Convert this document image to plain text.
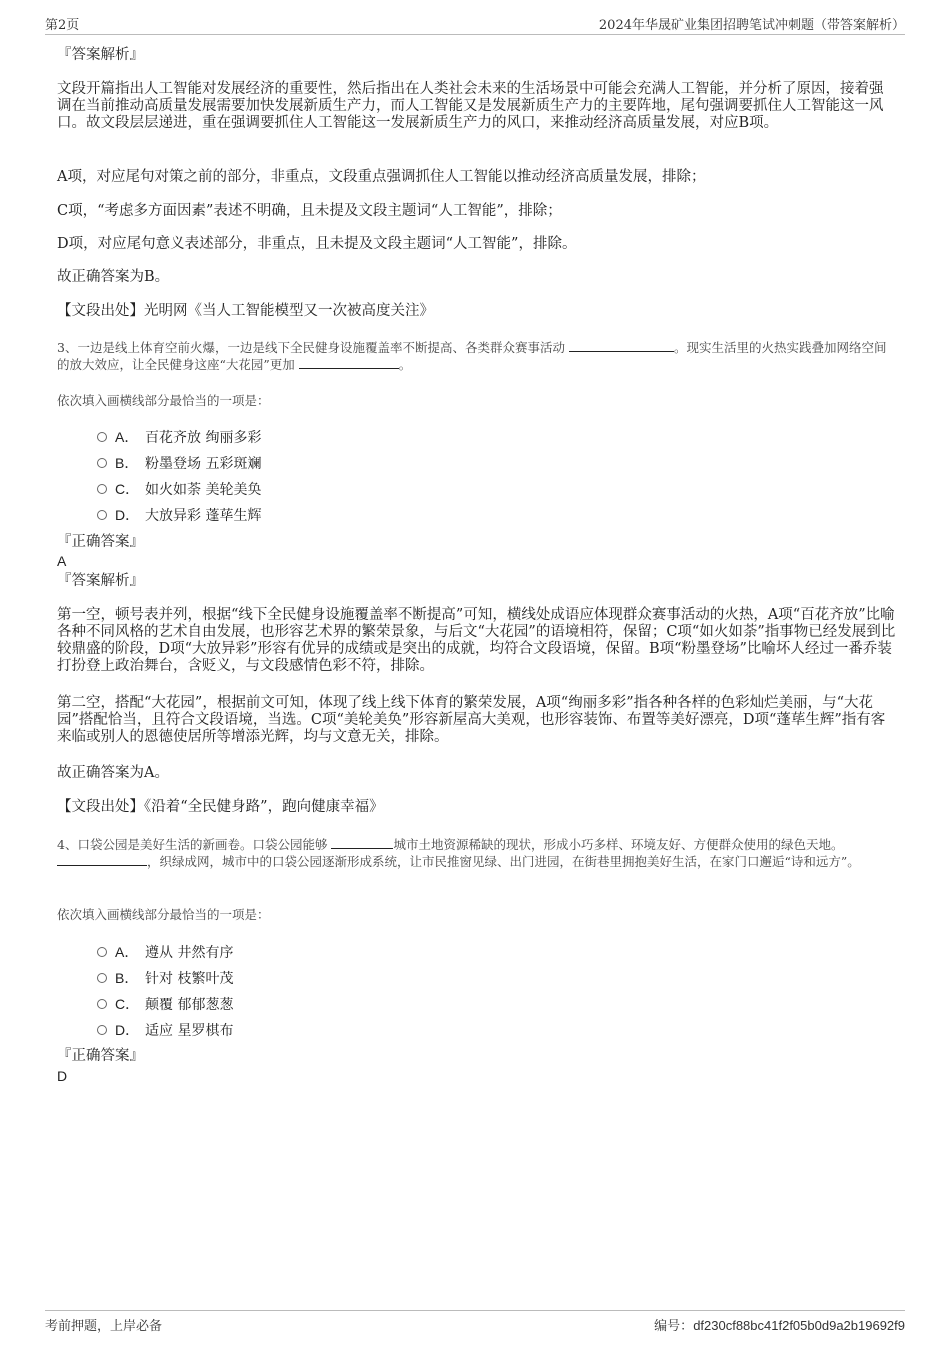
第2页	2024年华晟矿业集团招聘笔试冲刺题（带答案解析）
『答案解析』
文段开篇指出人工智能对发展经济的重要性，然后指出在人类社会未来的生活场景中可能会充满人工智能，并分析了原因，接着强调在当前推动高质量发展需要加快发展新质生产力，而人工智能又是发展新质生产力的主要阵地，尾句强调要抓住人工智能这一风口。故文段层层递进，重在强调要抓住人工智能这一发展新质生产力的风口，来推动经济高质量发展，对应B项。
A项，对应尾句对策之前的部分，非重点，文段重点强调抓住人工智能以推动经济高质量发展，排除；
C项，“考虑多方面因素”表述不明确，且未提及文段主题词“人工智能”，排除；
D项，对应尾句意义表述部分，非重点，且未提及文段主题词“人工智能”，排除。
故正确答案为B。
【文段出处】光明网《当人工智能模型又一次被高度关注》
3、一边是线上体育空前火爆，一边是线下全民健身设施覆盖率不断提高、各类群众赛事活动	。现实生活里的火热实践叠加网络空间的放大效应，让全民健身这座“大花园”更加	。
依次填入画横线部分最恰当的一项是：
A． 百花齐放 绚丽多彩
B． 粉墨登场 五彩斑斓
C． 如火如荼 美轮美奂
D． 大放异彩 蓬荜生辉
『正确答案』
A
『答案解析』
第一空，顿号表并列，根据“线下全民健身设施覆盖率不断提高”可知，横线处成语应体现群众赛事活动的火热，A项“百花齐放”比喻各种不同风格的艺术自由发展，也形容艺术界的繁荣景象，与后文“大花园”的语境相符，保留；C项“如火如荼”指事物已经发展到比较鼎盛的阶段，D项“大放异彩”形容有优异的成绩或是突出的成就，均符合文段语境，保留。B项“粉墨登场”比喻坏人经过一番乔装打扮登上政治舞台，含贬义，与文段感情色彩不符，排除。
第二空，搭配“大花园”，根据前文可知，体现了线上线下体育的繁荣发展，A项“绚丽多彩”指各种各样的色彩灿烂美丽，与“大花园”搭配恰当，且符合文段语境，当选。C项“美轮美奂”形容新屋高大美观，也形容装饰、布置等美好漂亮，D项“蓬荜生辉”指有客来临或别人的恩德使居所等增添光辉，均与文意无关，排除。
故正确答案为A。
【文段出处】《沿着“全民健身路”，跑向健康幸福》
4、口袋公园是美好生活的新画卷。口袋公园能够	城市土地资源稀缺的现状，形成小巧多样、环境友好、方便群众使用的绿色天地。 ，织绿成网，城市中的口袋公园逐渐形成系统，让市民推窗见绿、出门进园，在街巷里拥抱美好生活，在家门口邂逅“诗和远方”。
依次填入画横线部分最恰当的一项是：
A． 遵从 井然有序
B． 针对 枝繁叶茂
C． 颠覆 郁郁葱葱
D． 适应 星罗棋布
『正确答案』
D
考前押题，上岸必备	编号：df230cf88bc41f2f05b0d9a2b19692f9
